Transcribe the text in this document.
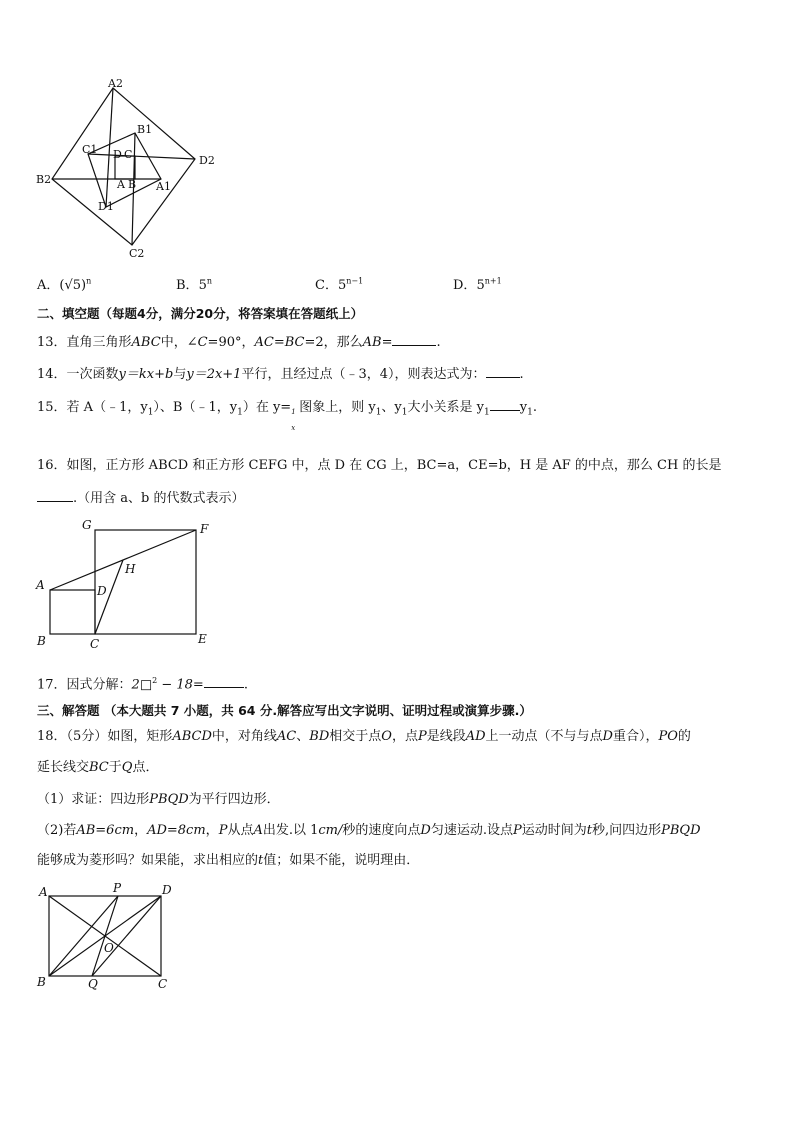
A2
B1
C1 D C	D2
B2	A B A1
D1
C2
A．$(√5)^n$	B．5$^n$	C．$5^{n-1}$	D．$5^{n+1}$
二、填空题（每题4分，满分20分，将答案填在答题纸上）
13．直角三角形ABC中，∠C=90°，AC=BC=2，那么AB=	.
14．一次函数y＝kx+b与y＝2x+1平行，且经过点（﹣3，4），则表达式为：	.
15．若 A（﹣1，$y_1$）、B（﹣1，$y_1$）在 y= 1
x
图象上，则 $y_1$、$y_1$大小关系是 $y_1$ $y_1$.
16．如图，正方形 ABCD 和正方形 CEFG 中，点 D 在 CG 上，BC=a，CE=b，H 是 AF 的中点，那么 CH 的长是
.（用含 a、b 的代数式表示）
G	F
A
H
D
B	C	E
17．因式分解：2□$^2$ − 18=	.
三、解答题 （本大题共 7 小题，共 64 分.解答应写出文字说明、证明过程或演算步骤.）
18．（5分）如图，矩形ABCD中，对角线AC、BD相交于点O，点P是线段AD上一动点（不与与点D重合），PO的
延长线交BC于Q点．
（1）求证：四边形PBQD为平行四边形．
（2)若AB=6cm，AD=8cm，P从点A出发.以 1cm/秒的速度向点D匀速运动.设点P运动时间为t秒,问四边形PBQD
能够成为菱形吗？如果能，求出相应的t值；如果不能，说明理由．
A	P	D
O
B	Q	C
